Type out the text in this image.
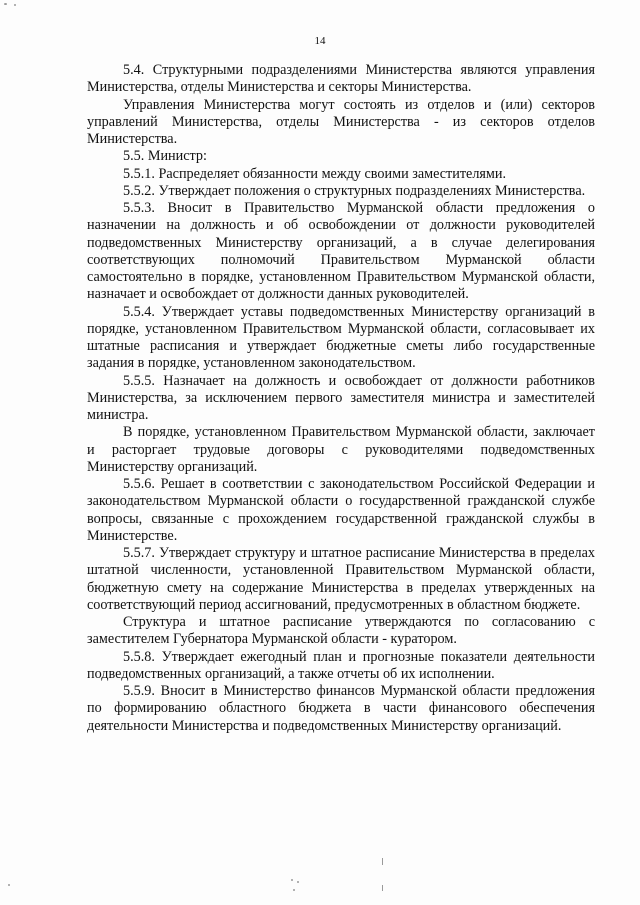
14

5.4. Структурными подразделениями Министерства являются управления Министерства, отделы Министерства и секторы Министерства.

Управления Министерства могут состоять из отделов и (или) секторов управлений Министерства, отделы Министерства - из секторов отделов Министерства.

5.5. Министр:

5.5.1. Распределяет обязанности между своими заместителями.

5.5.2. Утверждает положения о структурных подразделениях Министерства.

5.5.3. Вносит в Правительство Мурманской области предложения о назначении на должность и об освобождении от должности руководителей подведомственных Министерству организаций, а в случае делегирования соответствующих полномочий Правительством Мурманской области самостоятельно в порядке, установленном Правительством Мурманской области, назначает и освобождает от должности данных руководителей.

5.5.4. Утверждает уставы подведомственных Министерству организаций в порядке, установленном Правительством Мурманской области, согласовывает их штатные расписания и утверждает бюджетные сметы либо государственные задания в порядке, установленном законодательством.

5.5.5. Назначает на должность и освобождает от должности работников Министерства, за исключением первого заместителя министра и заместителей министра.

В порядке, установленном Правительством Мурманской области, заключает и расторгает трудовые договоры с руководителями подведомственных Министерству организаций.

5.5.6. Решает в соответствии с законодательством Российской Федерации и законодательством Мурманской области о государственной гражданской службе вопросы, связанные с прохождением государственной гражданской службы в Министерстве.

5.5.7. Утверждает структуру и штатное расписание Министерства в пределах штатной численности, установленной Правительством Мурманской области, бюджетную смету на содержание Министерства в пределах утвержденных на соответствующий период ассигнований, предусмотренных в областном бюджете.

Структура и штатное расписание утверждаются по согласованию с заместителем Губернатора Мурманской области - куратором.

5.5.8. Утверждает ежегодный план и прогнозные показатели деятельности подведомственных организаций, а также отчеты об их исполнении.

5.5.9. Вносит в Министерство финансов Мурманской области предложения по формированию областного бюджета в части финансового обеспечения деятельности Министерства и подведомственных Министерству организаций.
